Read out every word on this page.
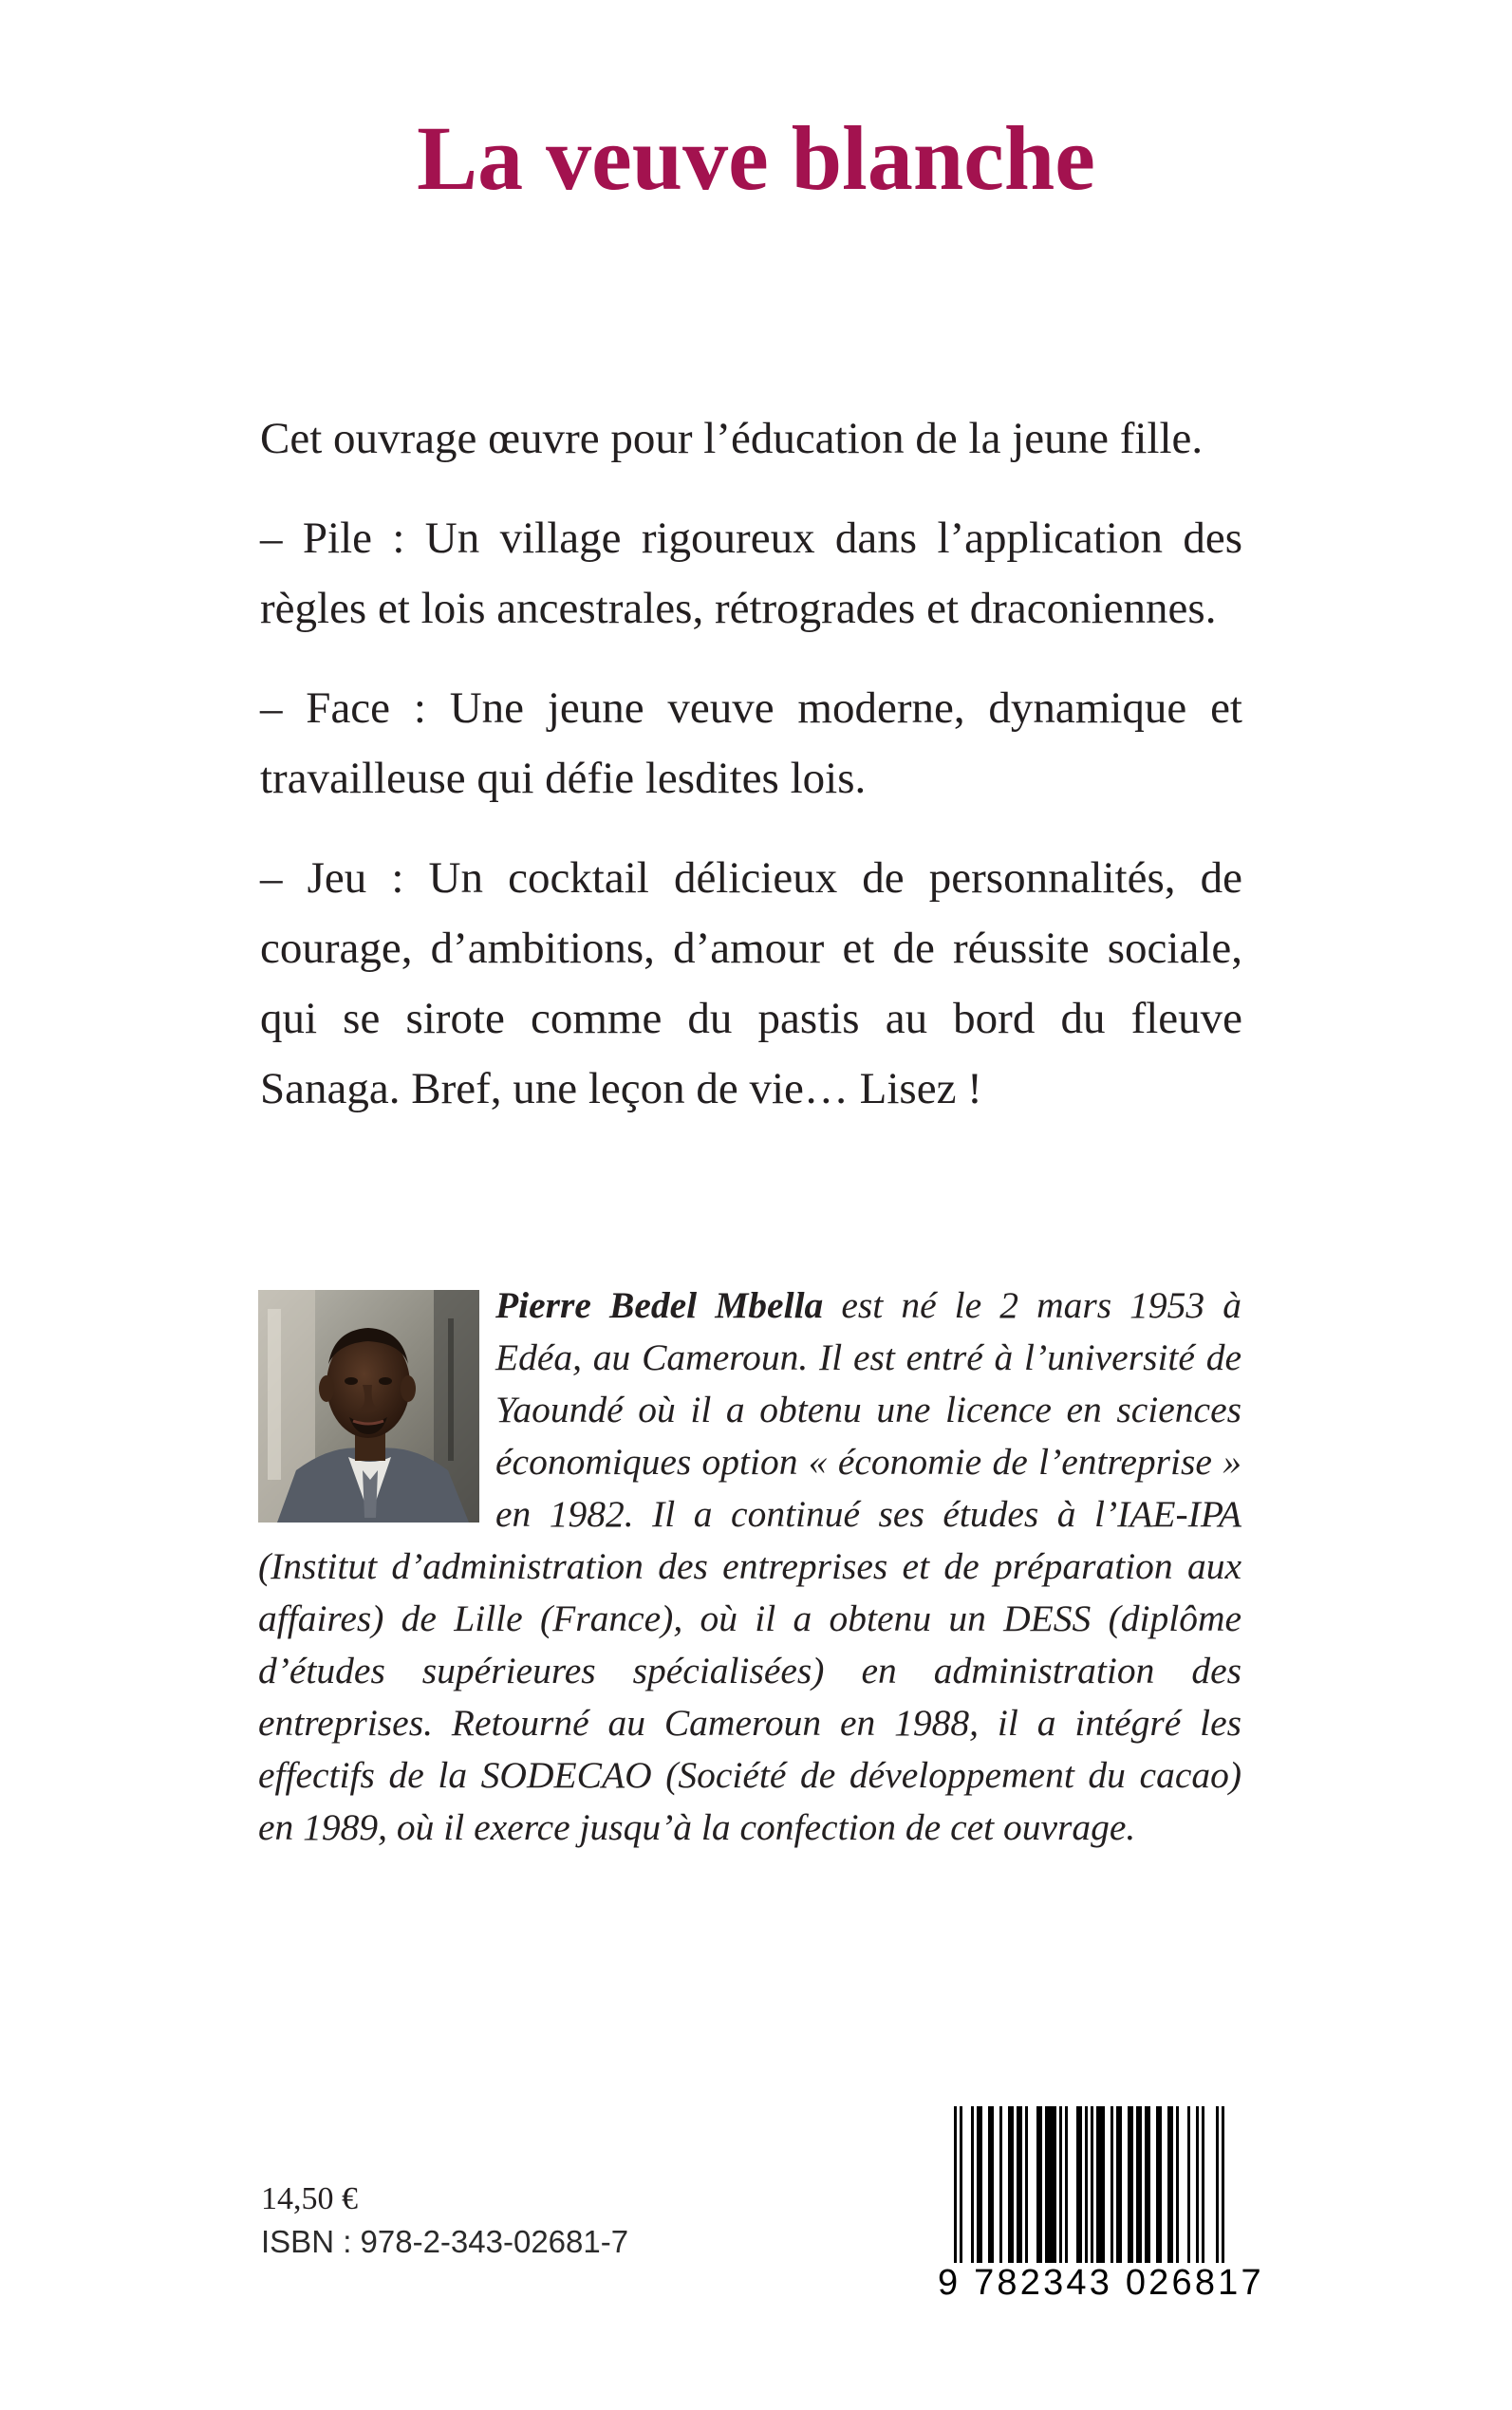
La veuve blanche

Cet ouvrage œuvre pour l’éducation de la jeune fille.

– Pile : Un village rigoureux dans l’application des règles et lois ancestrales, rétrogrades et draconiennes.

– Face : Une jeune veuve moderne, dynamique et travailleuse qui défie lesdites lois.

– Jeu : Un cocktail délicieux de personnalités, de courage, d’ambitions, d’amour et de réussite sociale, qui se sirote comme du pastis au bord du fleuve Sanaga. Bref, une leçon de vie… Lisez !

Pierre Bedel Mbella est né le 2 mars 1953 à Edéa, au Cameroun. Il est entré à l’université de Yaoundé où il a obtenu une licence en sciences économiques option « économie de l’entreprise » en 1982. Il a continué ses études à l’IAE-IPA (Institut d’administration des entreprises et de préparation aux affaires) de Lille (France), où il a obtenu un DESS (diplôme d’études supérieures spécialisées) en administration des entreprises. Retourné au Cameroun en 1988, il a intégré les effectifs de la SODECAO (Société de développement du cacao) en 1989, où il exerce jusqu’à la confection de cet ouvrage.

14,50 €
ISBN : 978-2-343-02681-7
9 782343 026817
